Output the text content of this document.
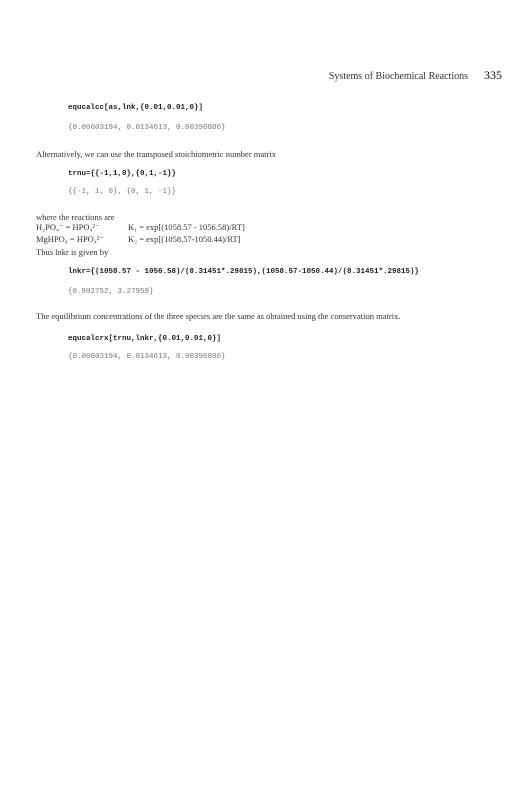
Systems of Biochemical Reactions 335
equcalcc[as,lnk,{0.01,0.01,0}]
{0.00603194, 0.0134613, 0.00396806}
Alternatively, we can use the transposed stoichiometric number matrix
trnu={{-1,1,0},{0,1,-1}}
{{-1, 1, 0}, {0, 1, -1}}
where the reactions are
H₂PO₄⁻ = HPO₄²⁻	K₁ = exp[(1058.57 - 1056.58)/RT]
MgHPO₄ = HPO₄²⁻	K₂ = exp[(1058.57-1050.44)/RT]
Thus lnkr is given by
lnkr={(1058.57 - 1056.58)/(8.31451*.29815),(1058.57-1050.44)/(8.31451*.29815)}
{0.802752, 3.27959}
The equilibrium concentrations of the three species are the same as obtained using the conservation matrix.
equcalcrx[trnu,lnkr,{0.01,0.01,0}]
{0.00603194, 0.0134613, 0.00396806}
